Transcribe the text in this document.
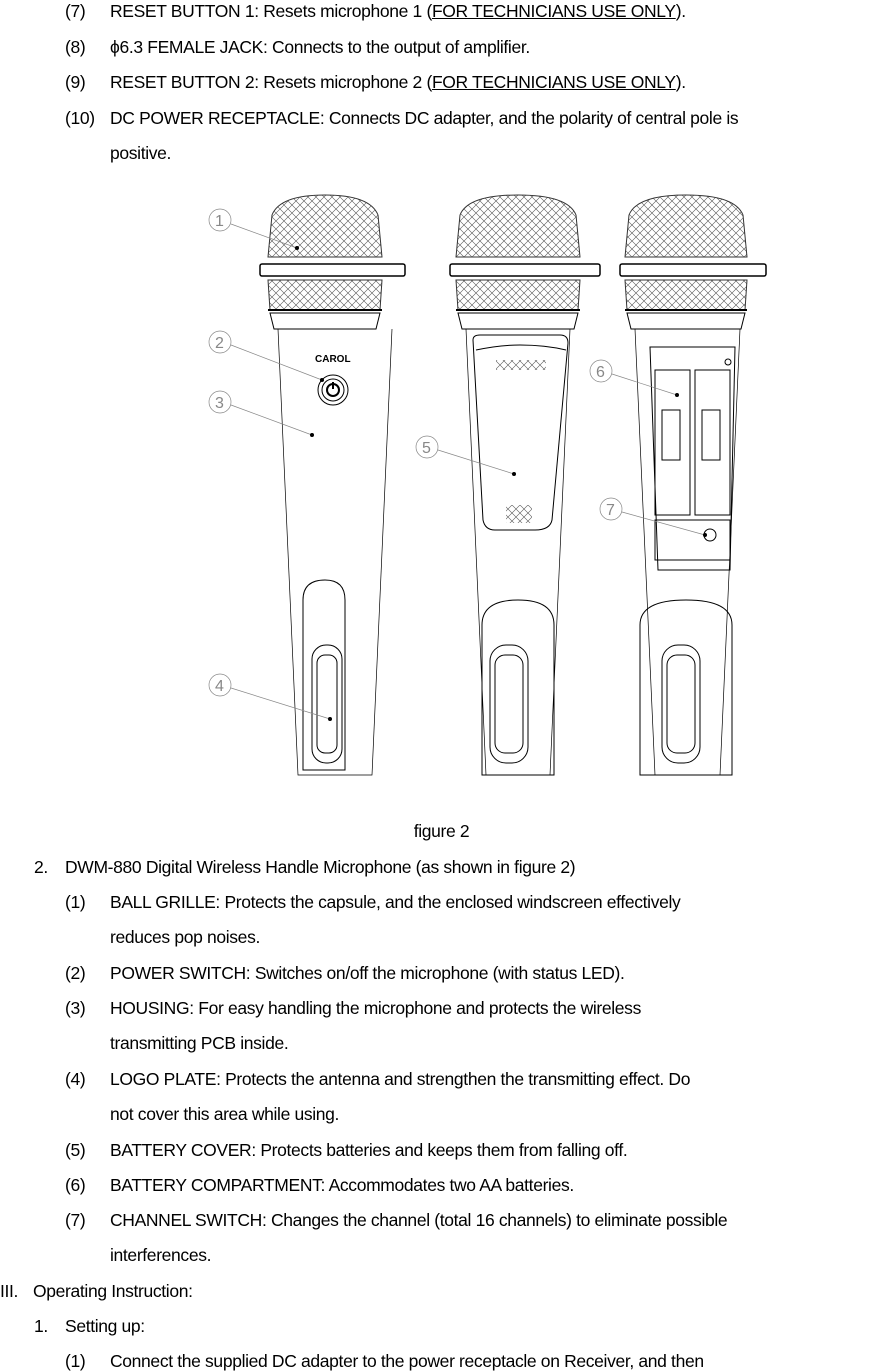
(7) RESET BUTTON 1: Resets microphone 1 (FOR TECHNICIANS USE ONLY).
(8) ϕ6.3 FEMALE JACK: Connects to the output of amplifier.
(9) RESET BUTTON 2: Resets microphone 2 (FOR TECHNICIANS USE ONLY).
(10) DC POWER RECEPTACLE: Connects DC adapter, and the polarity of central pole is
positive.
CAROL
1
2
3
4
5
6
7
figure 2
2. DWM-880 Digital Wireless Handle Microphone (as shown in figure 2)
(1) BALL GRILLE: Protects the capsule, and the enclosed windscreen effectively
reduces pop noises.
(2) POWER SWITCH: Switches on/off the microphone (with status LED).
(3) HOUSING: For easy handling the microphone and protects the wireless
transmitting PCB inside.
(4) LOGO PLATE: Protects the antenna and strengthen the transmitting effect. Do
not cover this area while using.
(5) BATTERY COVER: Protects batteries and keeps them from falling off.
(6) BATTERY COMPARTMENT: Accommodates two AA batteries.
(7) CHANNEL SWITCH: Changes the channel (total 16 channels) to eliminate possible
interferences.
III. Operating Instruction:
1. Setting up:
(1) Connect the supplied DC adapter to the power receptacle on Receiver, and then
